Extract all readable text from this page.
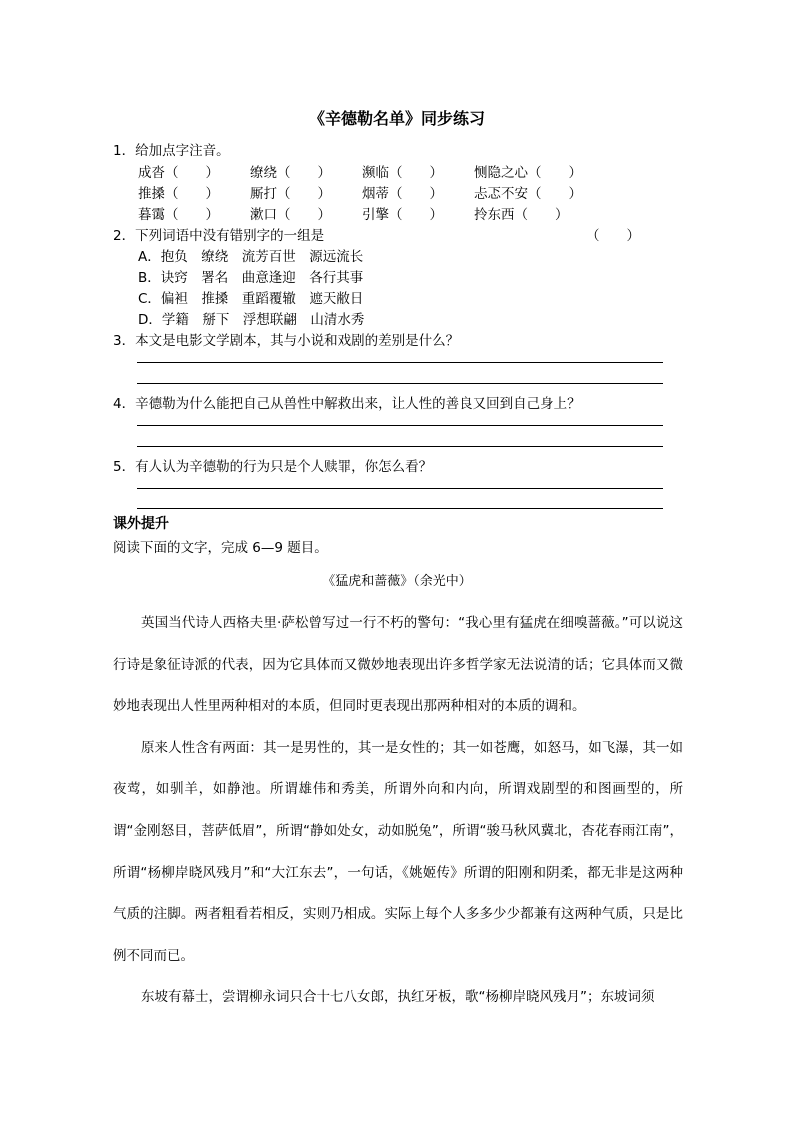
《辛德勒名单》同步练习
1．给加点字注音。
成沓（　　） 缭绕（　　） 濒临（　　） 恻隐之心（　　）
推搡（　　） 厮打（　　） 烟蒂（　　） 忐忑不安（　　）
暮霭（　　） 漱口（　　） 引擎（　　） 拎东西（　　）
2．下列词语中没有错别字的一组是	（　　）
A．抱负　缭绕　流芳百世　源远流长
B．诀窍　署名　曲意逢迎　各行其事
C．偏袒　推搡　重蹈覆辙　遮天敝日
D．学籍　掰下　浮想联翩　山清水秀
3．本文是电影文学剧本，其与小说和戏剧的差别是什么？
4．辛德勒为什么能把自己从兽性中解救出来，让人性的善良又回到自己身上？
5．有人认为辛德勒的行为只是个人赎罪，你怎么看？
课外提升
阅读下面的文字，完成 6—9 题目。
《猛虎和蔷薇》（余光中）

英国当代诗人西格夫里·萨松曾写过一行不朽的警句：“我心里有猛虎在细嗅蔷薇。”可以说这行诗是象征诗派的代表，因为它具体而又微妙地表现出许多哲学家无法说清的话；它具体而又微妙地表现出人性里两种相对的本质，但同时更表现出那两种相对的本质的调和。

原来人性含有两面：其一是男性的，其一是女性的；其一如苍鹰，如怒马，如飞瀑，其一如夜莺，如驯羊，如静池。所谓雄伟和秀美，所谓外向和内向，所谓戏剧型的和图画型的，所谓“金刚怒目，菩萨低眉”，所谓“静如处女，动如脱兔”，所谓“骏马秋风冀北，杏花春雨江南”，所谓“杨柳岸晓风残月”和“大江东去”，一句话，《姚姬传》所谓的阳刚和阴柔，都无非是这两种气质的注脚。两者粗看若相反，实则乃相成。实际上每个人多多少少都兼有这两种气质，只是比例不同而已。

东坡有幕士，尝谓柳永词只合十七八女郎，执红牙板，歌“杨柳岸晓风残月”；东坡词须
